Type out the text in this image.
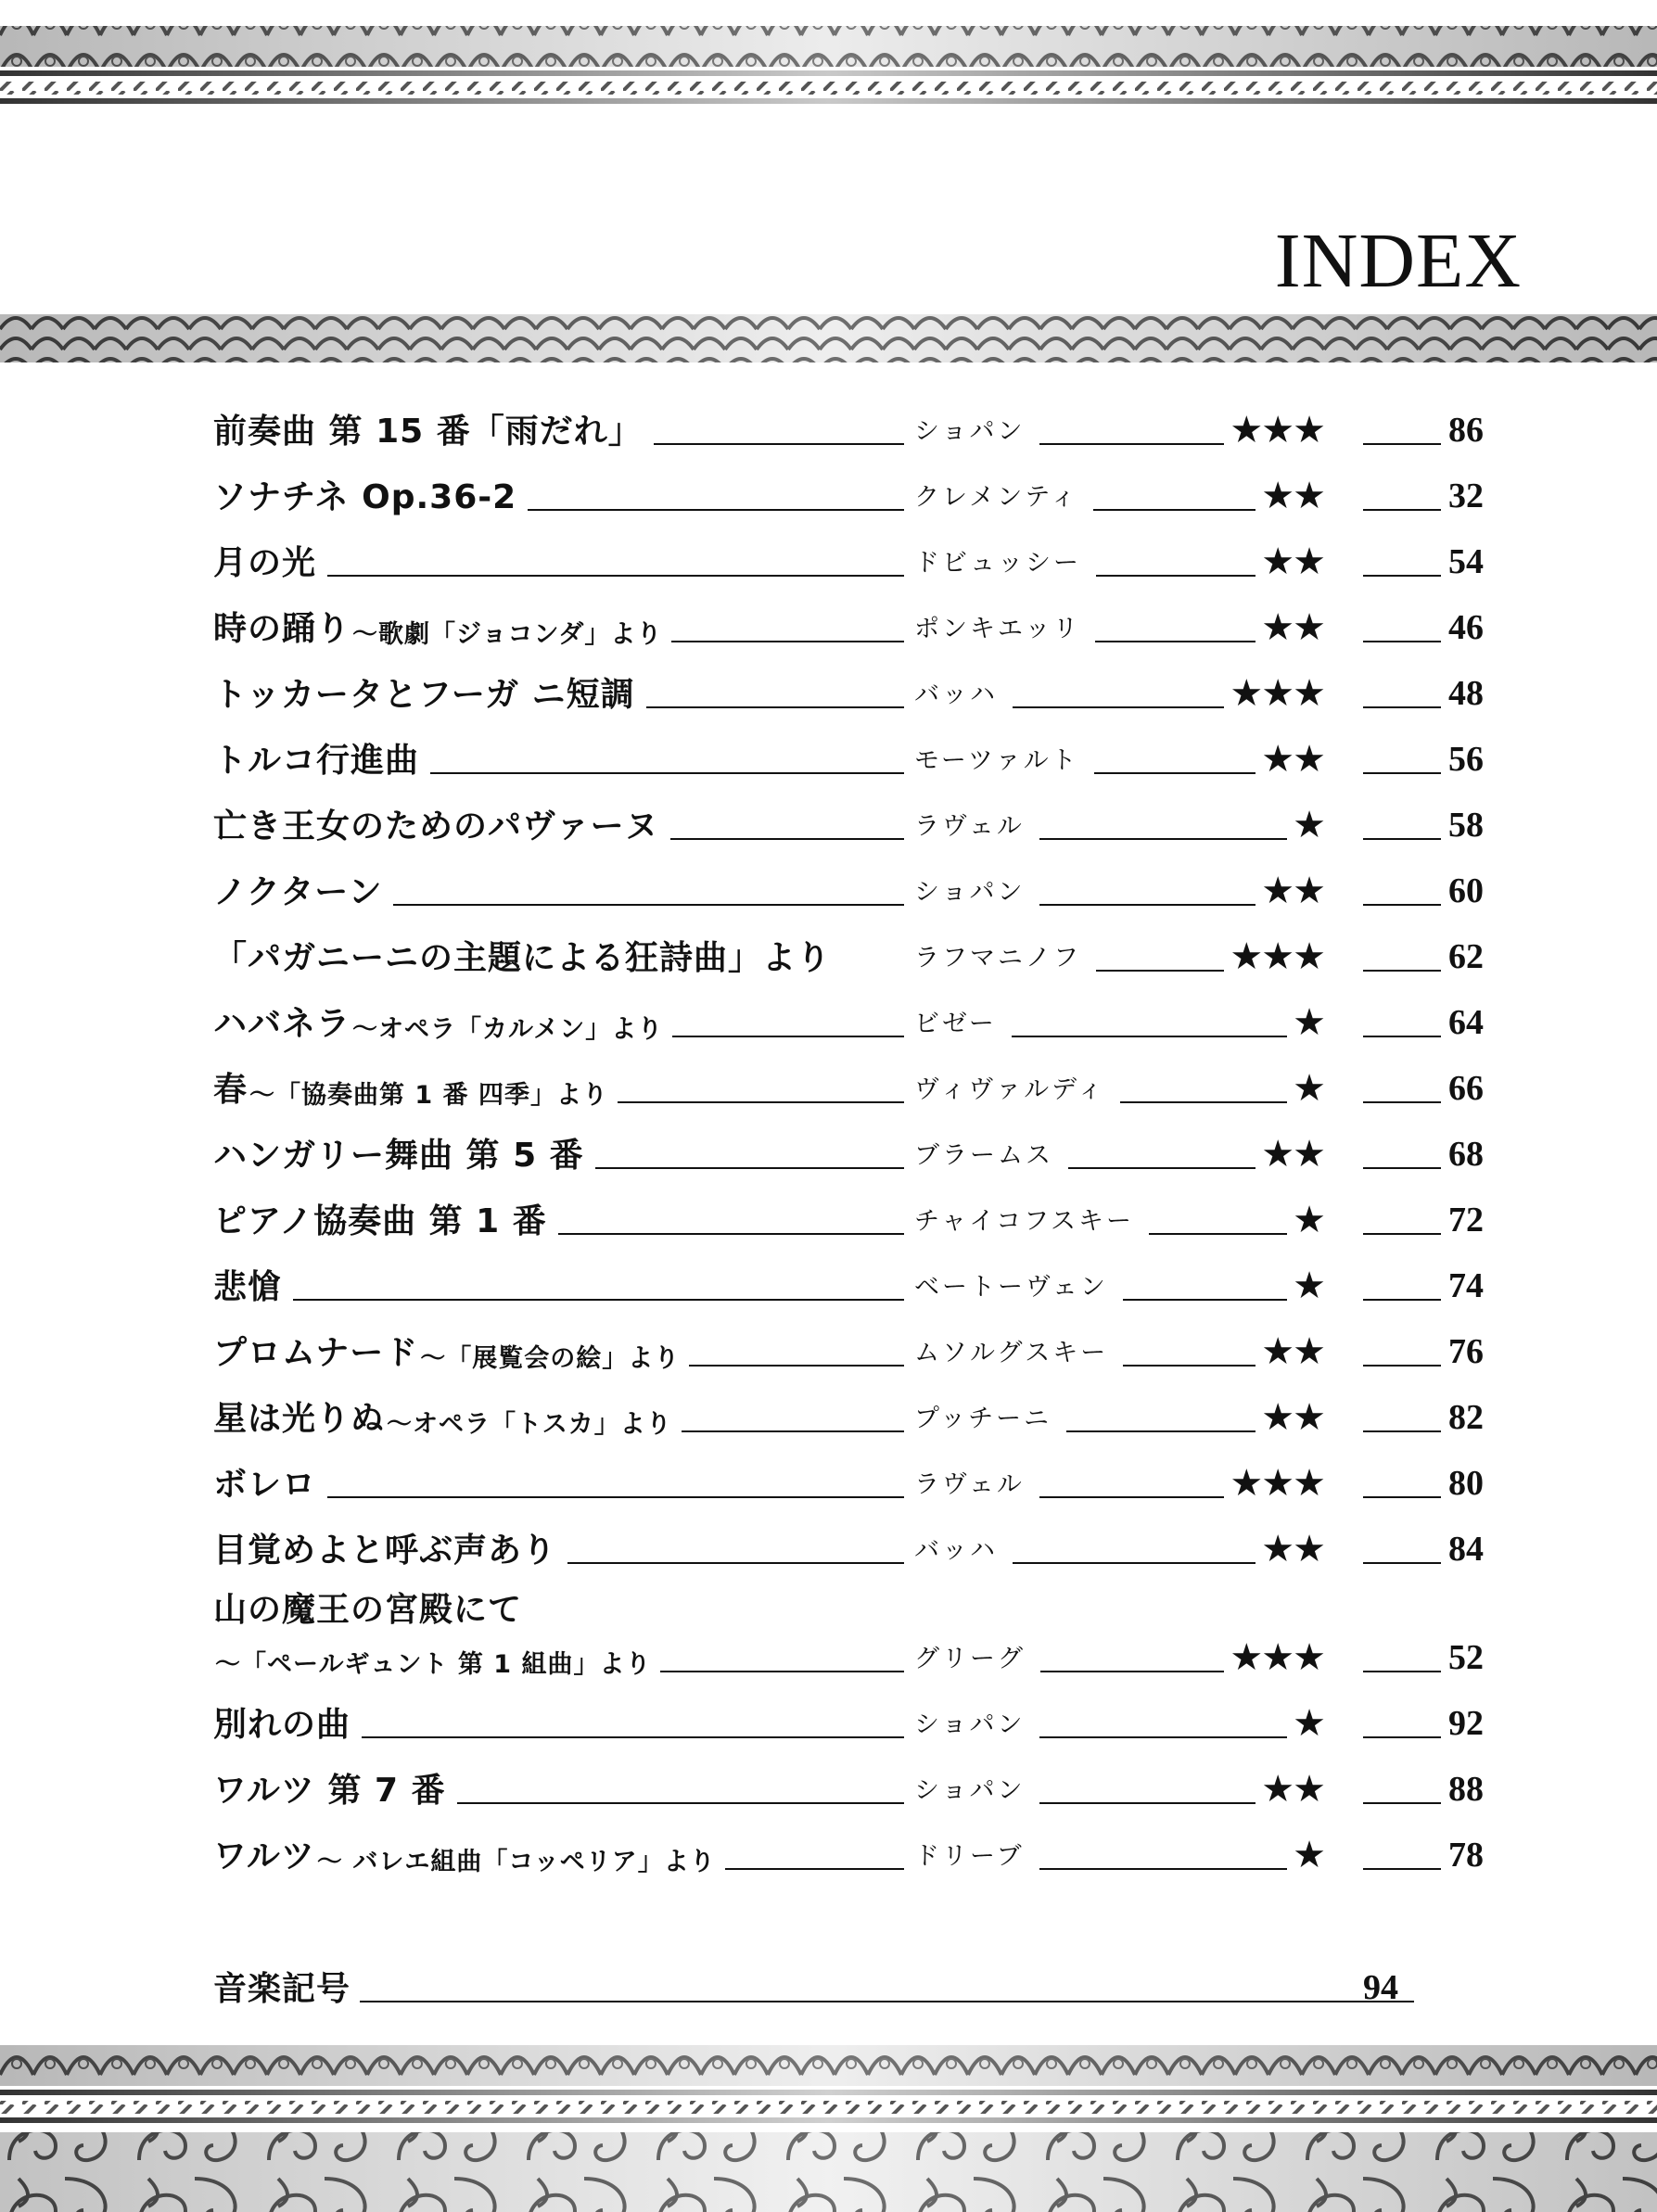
INDEX
前奏曲 第 15 番「雨だれ」	ショパン	★★★	86
ソナチネ Op.36-2	クレメンティ	★★	32
月の光	ドビュッシー	★★	54
時の踊り ～歌劇「ジョコンダ」より	ポンキエッリ	★★	46
トッカータとフーガ ニ短調	バッハ	★★★	48
トルコ行進曲	モーツァルト	★★	56
亡き王女のためのパヴァーヌ	ラヴェル	★	58
ノクターン	ショパン	★★	60
「パガニーニの主題による狂詩曲」より	ラフマニノフ	★★★	62
ハバネラ ～オペラ「カルメン」より	ビゼー	★	64
春 ～「協奏曲第 1 番 四季」より	ヴィヴァルディ	★	66
ハンガリー舞曲 第 5 番	ブラームス	★★	68
ピアノ協奏曲 第 1 番	チャイコフスキー	★	72
悲愴	ベートーヴェン	★	74
プロムナード ～「展覧会の絵」より	ムソルグスキー	★★	76
星は光りぬ ～オペラ「トスカ」より	プッチーニ	★★	82
ボレロ	ラヴェル	★★★	80
目覚めよと呼ぶ声あり	バッハ	★★	84
山の魔王の宮殿にて
～「ペールギュント 第 1 組曲」より	グリーグ	★★★	52
別れの曲	ショパン	★	92
ワルツ 第 7 番	ショパン	★★	88
ワルツ ～ バレエ組曲「コッペリア」より	ドリーブ	★	78
音楽記号	94
